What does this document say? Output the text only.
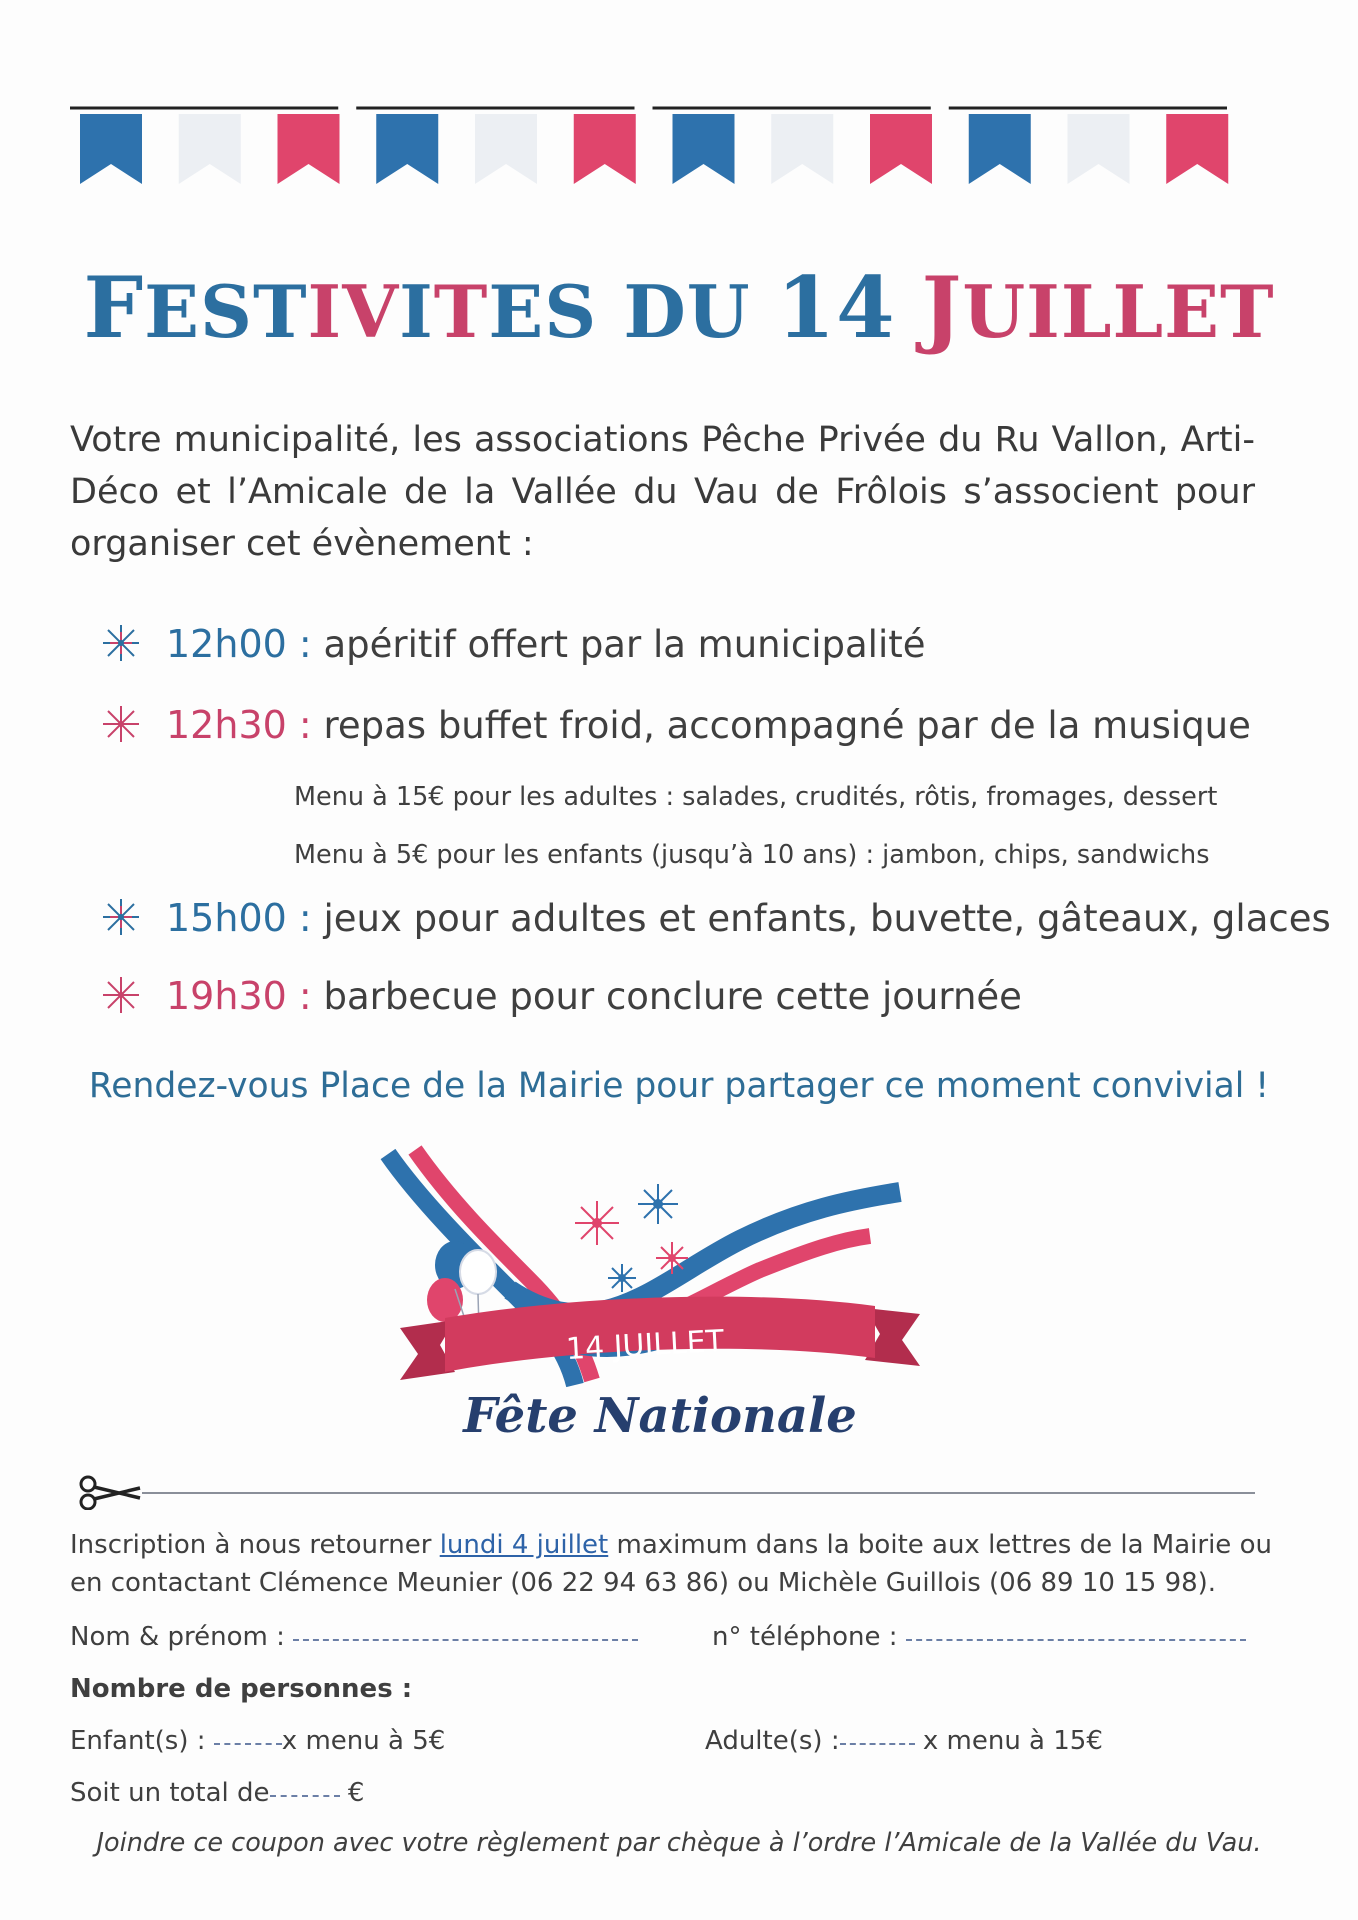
FESTIVITES DU 14 JUILLET
Votre municipalité, les associations Pêche Privée du Ru Vallon, Arti-Déco et l’Amicale de la Vallée du Vau de Frôlois s’associent pour organiser cet évènement :
12h00 : apéritif offert par la municipalité
12h30 : repas buffet froid, accompagné par de la musique
Menu à 15€ pour les adultes : salades, crudités, rôtis, fromages, dessert
Menu à 5€ pour les enfants (jusqu’à 10 ans) : jambon, chips, sandwichs
15h00 : jeux pour adultes et enfants, buvette, gâteaux, glaces
19h30 : barbecue pour conclure cette journée
Rendez-vous Place de la Mairie pour partager ce moment convivial !
14 JUILLET
Fête Nationale
Inscription à nous retourner lundi 4 juillet maximum dans la boite aux lettres de la Mairie ou
en contactant Clémence Meunier (06 22 94 63 86) ou Michèle Guillois (06 89 10 15 98).
Nom & prénom :	n° téléphone :
Nombre de personnes :
Enfant(s) :	x menu à 5€	Adulte(s) :	x menu à 15€
Soit un total de	€
Joindre ce coupon avec votre règlement par chèque à l’ordre l’Amicale de la Vallée du Vau.
